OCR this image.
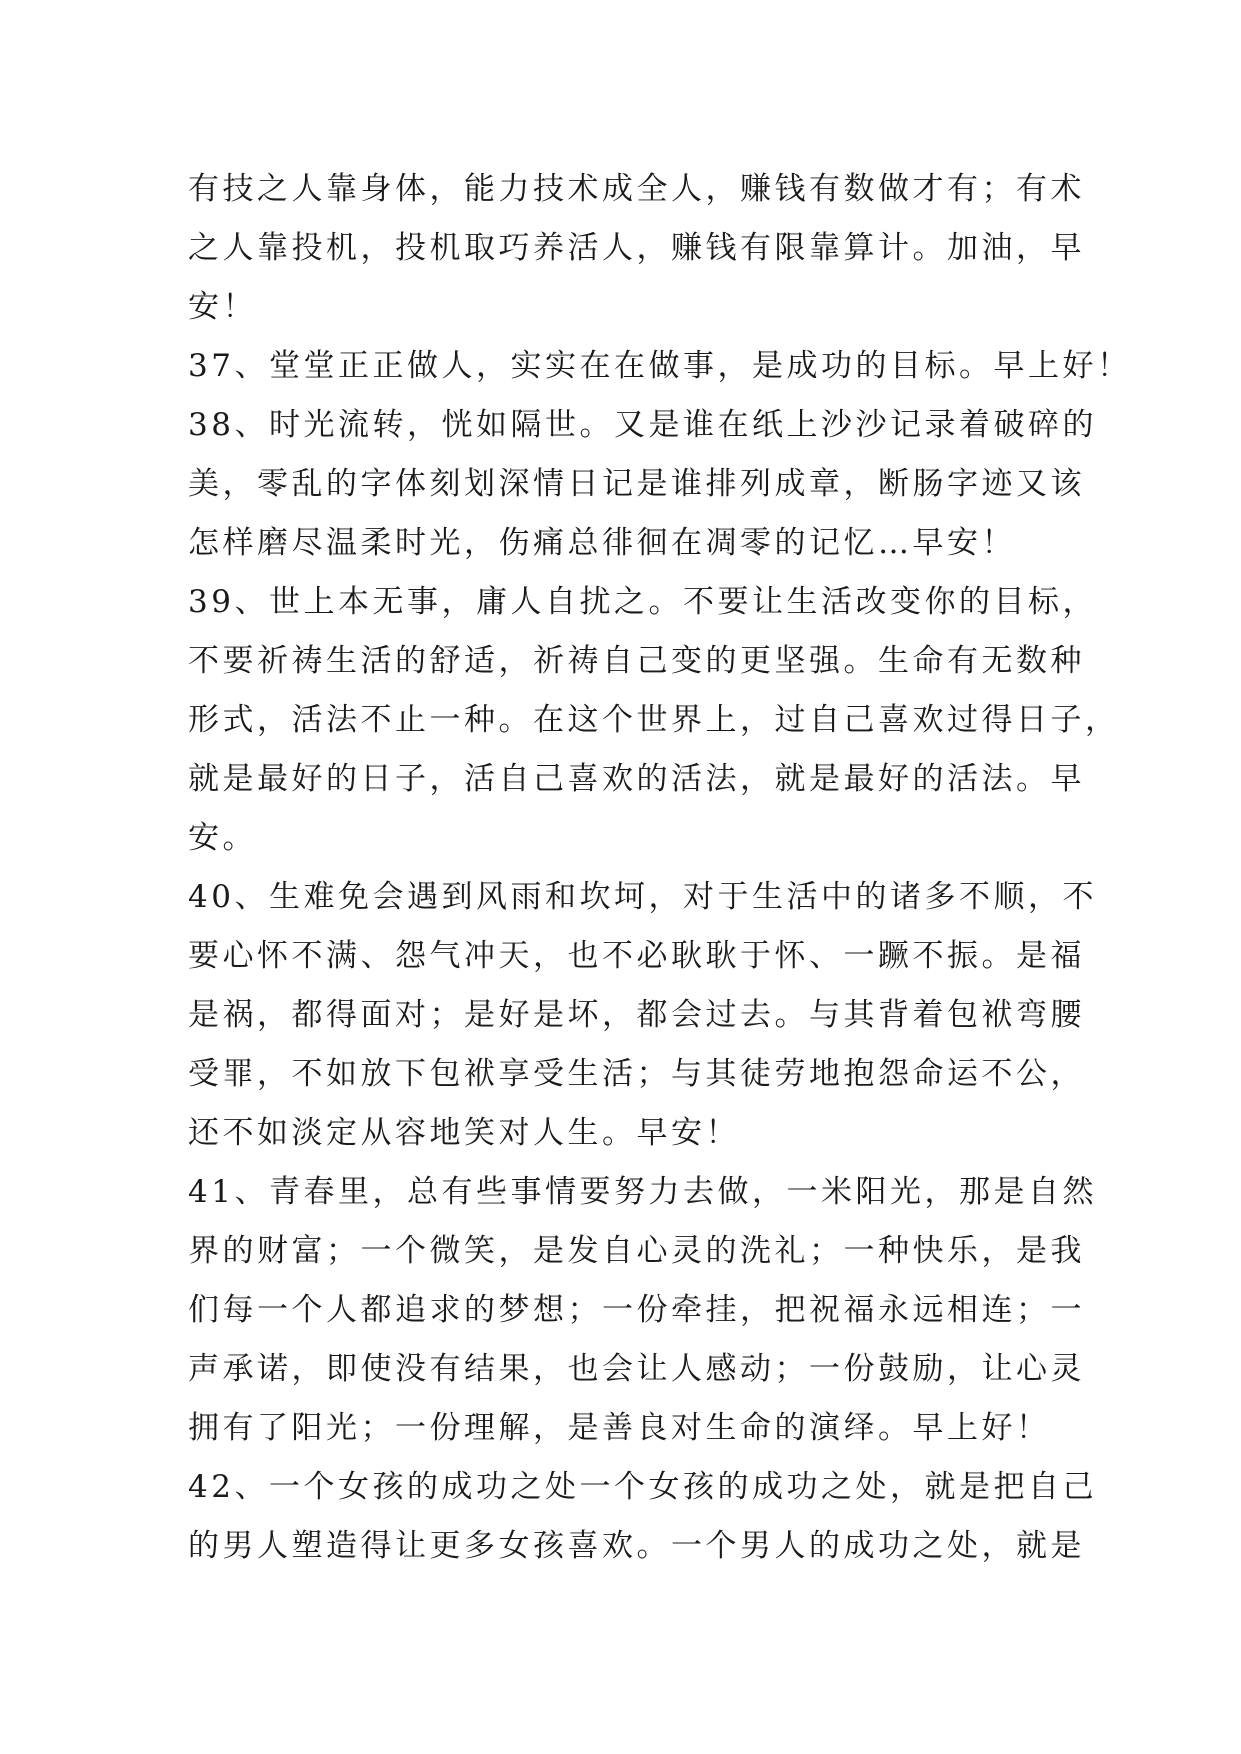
有技之人靠身体，能力技术成全人，赚钱有数做才有；有术
之人靠投机，投机取巧养活人，赚钱有限靠算计。加油，早
安！
37、堂堂正正做人，实实在在做事，是成功的目标。早上好！
38、时光流转，恍如隔世。又是谁在纸上沙沙记录着破碎的
美，零乱的字体刻划深情日记是谁排列成章，断肠字迹又该
怎样磨尽温柔时光，伤痛总徘徊在凋零的记忆…早安！
39、世上本无事，庸人自扰之。不要让生活改变你的目标，
不要祈祷生活的舒适，祈祷自己变的更坚强。生命有无数种
形式，活法不止一种。在这个世界上，过自己喜欢过得日子，
就是最好的日子，活自己喜欢的活法，就是最好的活法。早
安。
40、生难免会遇到风雨和坎坷，对于生活中的诸多不顺，不
要心怀不满、怨气冲天，也不必耿耿于怀、一蹶不振。是福
是祸，都得面对；是好是坏，都会过去。与其背着包袱弯腰
受罪，不如放下包袱享受生活；与其徒劳地抱怨命运不公，
还不如淡定从容地笑对人生。早安！
41、青春里，总有些事情要努力去做，一米阳光，那是自然
界的财富；一个微笑，是发自心灵的洗礼；一种快乐，是我
们每一个人都追求的梦想；一份牵挂，把祝福永远相连；一
声承诺，即使没有结果，也会让人感动；一份鼓励，让心灵
拥有了阳光；一份理解，是善良对生命的演绎。早上好！
42、一个女孩的成功之处一个女孩的成功之处，就是把自己
的男人塑造得让更多女孩喜欢。一个男人的成功之处，就是
